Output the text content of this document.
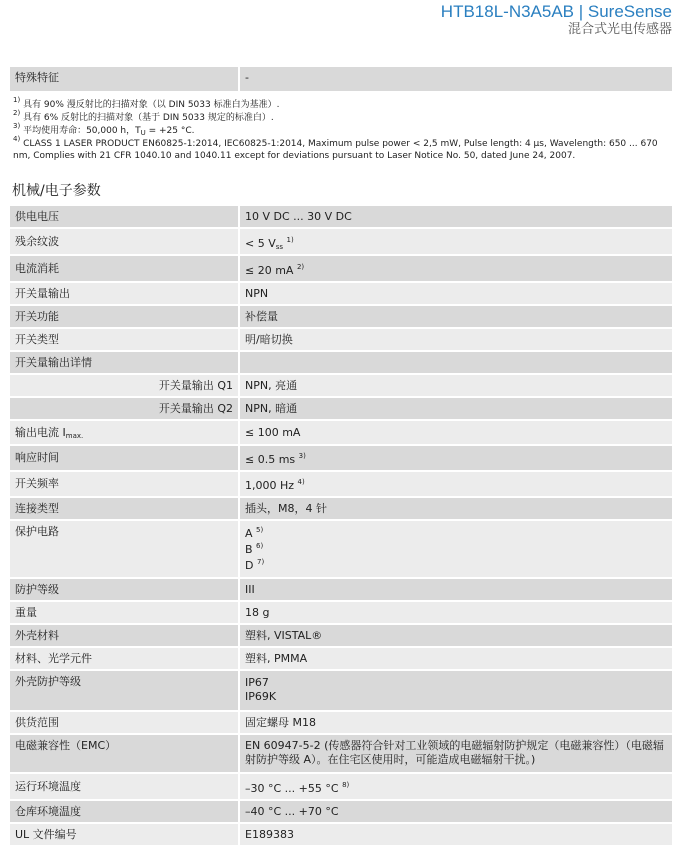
HTB18L-N3A5AB | SureSense
混合式光电传感器
特殊特征	-
$^{1)}$ 具有 90% 漫反射比的扫描对象（以 DIN 5033 标准白为基准）.
$^{2)}$ 具有 6% 反射比的扫描对象（基于 DIN 5033 规定的标准白）.
$^{3)}$ 平均使用寿命：50,000 h，$T_U = +25$ °C.
$^{4)}$ CLASS 1 LASER PRODUCT EN60825-1:2014, IEC60825-1:2014, Maximum pulse power < 2,5 mW, Pulse length: 4 µs, Wavelength: 650 ... 670 nm, Complies with 21 CFR 1040.10 and 1040.11 except for deviations pursuant to Laser Notice No. 50, dated June 24, 2007.
机械/电子参数
供电电压	10 V DC ... 30 V DC
残余纹波	< 5 $V_{ss}$ $^{1)}$
电流消耗	≤ 20 mA $^{2)}$
开关量输出	NPN
开关功能	补偿量
开关类型	明/暗切换
开关量输出详情	
开关量输出 Q1	NPN, 亮通
开关量输出 Q2	NPN, 暗通
输出电流 $I_{max.}$	≤ 100 mA
响应时间	≤ 0.5 ms $^{3)}$
开关频率	1,000 Hz $^{4)}$
连接类型	插头，M8，4 针
保护电路	A $^{5)}$
B $^{6)}$
D $^{7)}$

防护等级	III
重量	18 g
外壳材料	塑料, VISTAL®
材料、光学元件	塑料, PMMA
外壳防护等级	IP67
IP69K

供货范围	固定螺母 M18
电磁兼容性（EMC）	EN 60947-5-2 (传感器符合针对工业领域的电磁辐射防护规定（电磁兼容性）（电磁辐射防护等级 A）。在住宅区使用时，可能造成电磁辐射干扰。)
运行环境温度	–30 °C ... +55 °C $^{8)}$
仓库环境温度	–40 °C ... +70 °C
UL 文件编号	E189383
